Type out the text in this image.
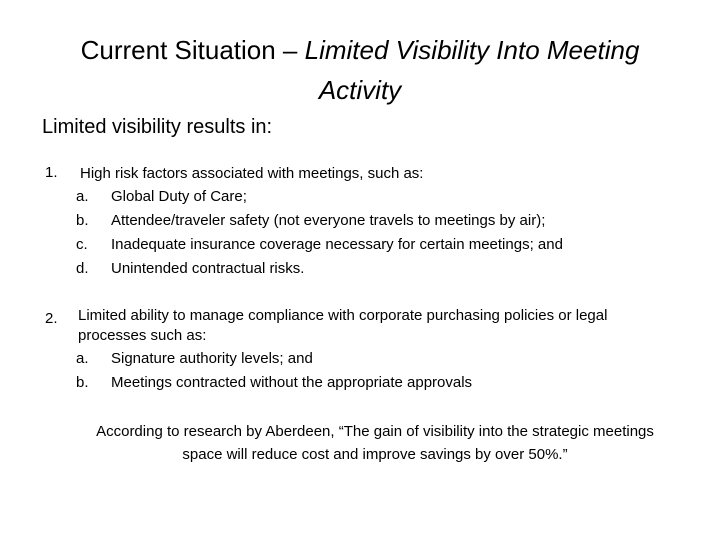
Current Situation – Limited Visibility Into Meeting Activity
Limited visibility results in:
1. High risk factors associated with meetings, such as:
a. Global Duty of Care;
b. Attendee/traveler safety (not everyone travels to meetings by air);
c. Inadequate insurance coverage necessary for certain meetings; and
d. Unintended contractual risks.
2. Limited ability to manage compliance with corporate purchasing policies or legal processes such as:
a. Signature authority levels; and
b. Meetings contracted without the appropriate approvals
According to research by Aberdeen, “The gain of visibility into the strategic meetings space will reduce cost and improve savings by over 50%.”
